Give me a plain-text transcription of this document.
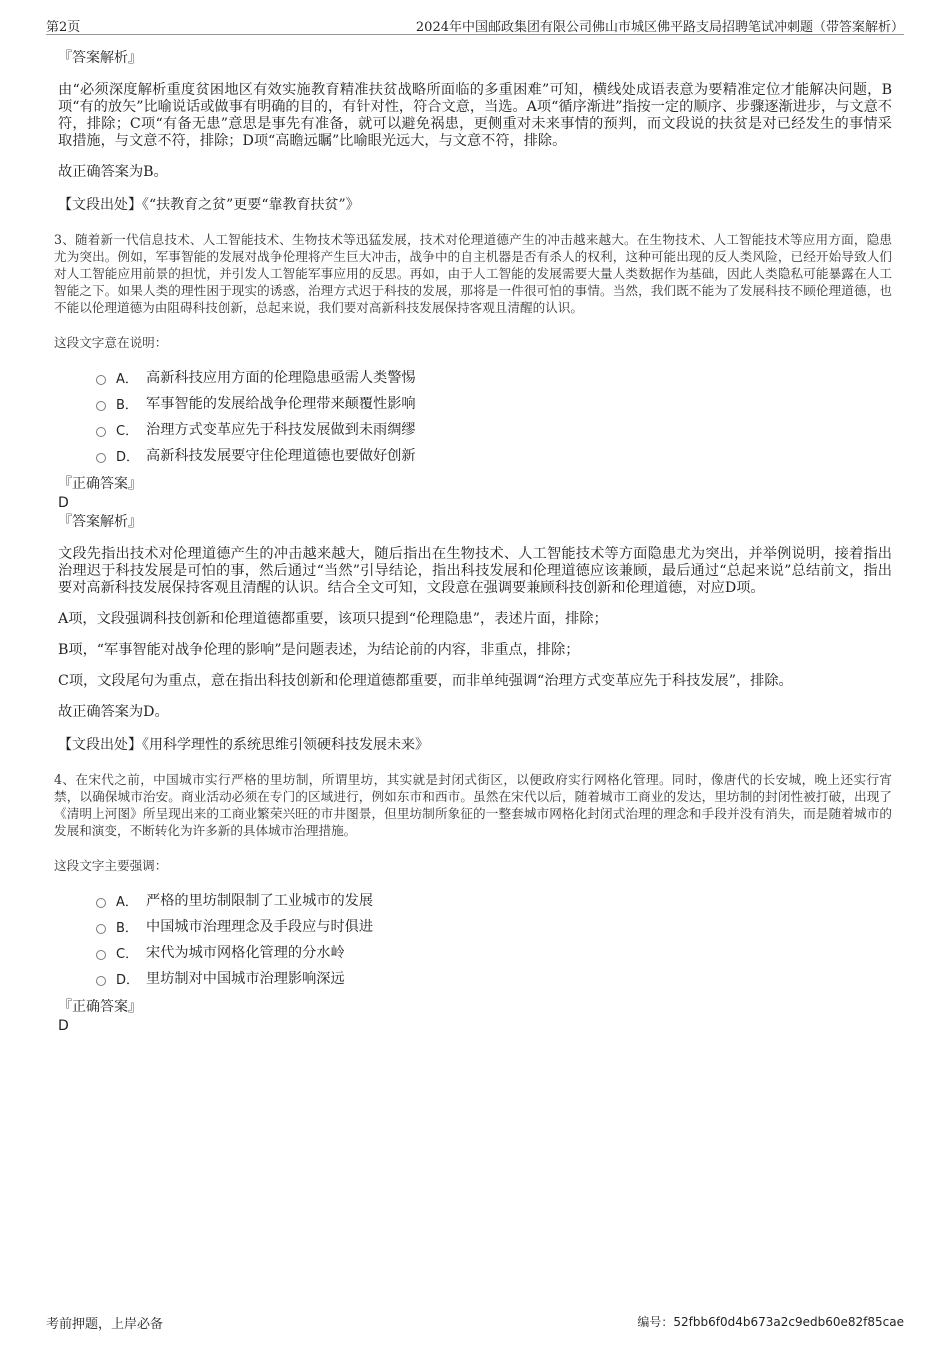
第2页	2024年中国邮政集团有限公司佛山市城区佛平路支局招聘笔试冲刺题（带答案解析）
『答案解析』
由“必须深度解析重度贫困地区有效实施教育精准扶贫战略所面临的多重困难”可知，横线处成语表意为要精准定位才能解决问题，B项“有的放矢”比喻说话或做事有明确的目的，有针对性，符合文意，当选。A项“循序渐进”指按一定的顺序、步骤逐渐进步，与文意不符，排除；C项“有备无患”意思是事先有准备，就可以避免祸患，更侧重对未来事情的预判，而文段说的扶贫是对已经发生的事情采取措施，与文意不符，排除；D项“高瞻远瞩”比喻眼光远大，与文意不符，排除。
故正确答案为B。
【文段出处】《“扶教育之贫”更要“靠教育扶贫”》
3、随着新一代信息技术、人工智能技术、生物技术等迅猛发展，技术对伦理道德产生的冲击越来越大。在生物技术、人工智能技术等应用方面，隐患尤为突出。例如，军事智能的发展对战争伦理将产生巨大冲击，战争中的自主机器是否有杀人的权利，这种可能出现的反人类风险，已经开始导致人们对人工智能应用前景的担忧，并引发人工智能军事应用的反思。再如，由于人工智能的发展需要大量人类数据作为基础，因此人类隐私可能暴露在人工智能之下。如果人类的理性困于现实的诱惑，治理方式迟于科技的发展，那将是一件很可怕的事情。当然，我们既不能为了发展科技不顾伦理道德，也不能以伦理道德为由阻碍科技创新，总起来说，我们要对高新科技发展保持客观且清醒的认识。
这段文字意在说明：
A． 高新科技应用方面的伦理隐患亟需人类警惕
B． 军事智能的发展给战争伦理带来颠覆性影响
C． 治理方式变革应先于科技发展做到未雨绸缪
D． 高新科技发展要守住伦理道德也要做好创新
『正确答案』
D
『答案解析』
文段先指出技术对伦理道德产生的冲击越来越大，随后指出在生物技术、人工智能技术等方面隐患尤为突出，并举例说明，接着指出治理迟于科技发展是可怕的事，然后通过“当然”引导结论，指出科技发展和伦理道德应该兼顾，最后通过“总起来说”总结前文，指出要对高新科技发展保持客观且清醒的认识。结合全文可知，文段意在强调要兼顾科技创新和伦理道德，对应D项。
A项，文段强调科技创新和伦理道德都重要，该项只提到“伦理隐患”，表述片面，排除；
B项，“军事智能对战争伦理的影响”是问题表述，为结论前的内容，非重点，排除；
C项，文段尾句为重点，意在指出科技创新和伦理道德都重要，而非单纯强调“治理方式变革应先于科技发展”，排除。
故正确答案为D。
【文段出处】《用科学理性的系统思维引领硬科技发展未来》
4、在宋代之前，中国城市实行严格的里坊制，所谓里坊，其实就是封闭式街区，以便政府实行网格化管理。同时，像唐代的长安城，晚上还实行宵禁，以确保城市治安。商业活动必须在专门的区域进行，例如东市和西市。虽然在宋代以后，随着城市工商业的发达，里坊制的封闭性被打破，出现了《清明上河图》所呈现出来的工商业繁荣兴旺的市井图景，但里坊制所象征的一整套城市网格化封闭式治理的理念和手段并没有消失，而是随着城市的发展和演变，不断转化为许多新的具体城市治理措施。
这段文字主要强调：
A． 严格的里坊制限制了工业城市的发展
B． 中国城市治理理念及手段应与时俱进
C． 宋代为城市网格化管理的分水岭
D． 里坊制对中国城市治理影响深远
『正确答案』
D
考前押题，上岸必备	编号：52fbb6f0d4b673a2c9edb60e82f85cae
